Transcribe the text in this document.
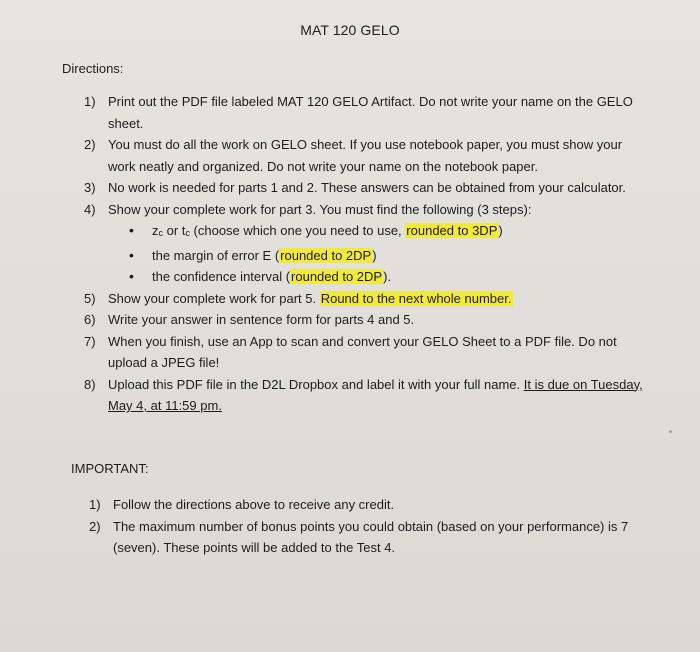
MAT 120 GELO
Directions:
1) Print out the PDF file labeled MAT 120 GELO Artifact. Do not write your name on the GELO sheet.
2) You must do all the work on GELO sheet. If you use notebook paper, you must show your work neatly and organized. Do not write your name on the notebook paper.
3) No work is needed for parts 1 and 2. These answers can be obtained from your calculator.
4) Show your complete work for part 3. You must find the following (3 steps):
• zc or tc (choose which one you need to use, rounded to 3DP)
• the margin of error E (rounded to 2DP)
• the confidence interval (rounded to 2DP).
5) Show your complete work for part 5. Round to the next whole number.
6) Write your answer in sentence form for parts 4 and 5.
7) When you finish, use an App to scan and convert your GELO Sheet to a PDF file. Do not upload a JPEG file!
8) Upload this PDF file in the D2L Dropbox and label it with your full name. It is due on Tuesday, May 4, at 11:59 pm.
IMPORTANT:
1) Follow the directions above to receive any credit.
2) The maximum number of bonus points you could obtain (based on your performance) is 7 (seven). These points will be added to the Test 4.
